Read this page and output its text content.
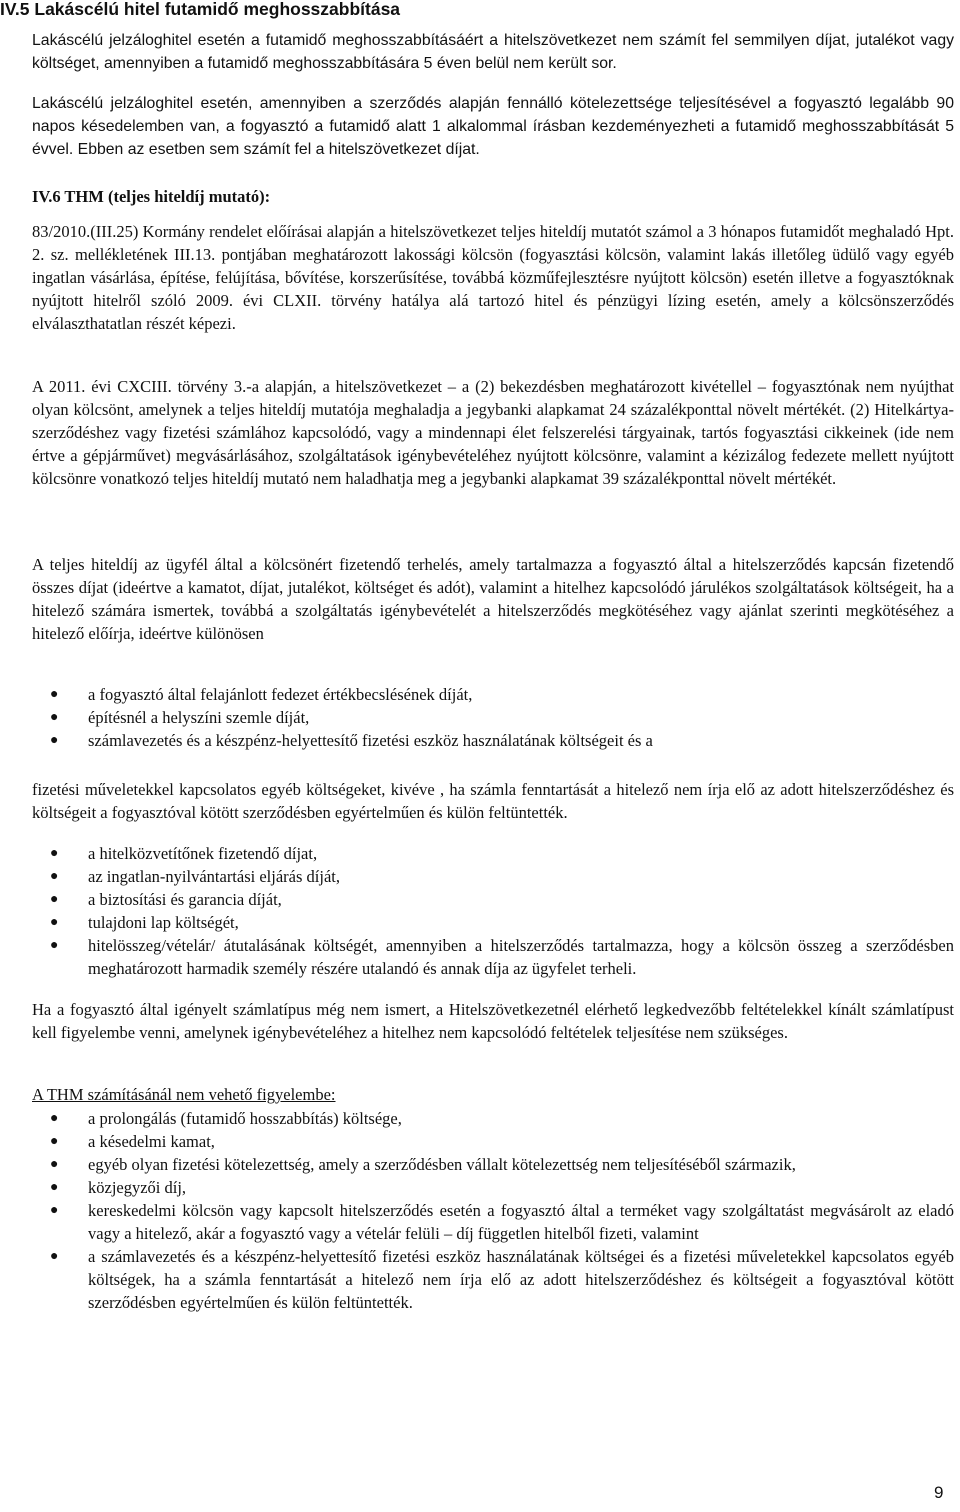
IV.5 Lakáscélú hitel futamidő meghosszabbítása

Lakáscélú jelzáloghitel esetén a futamidő meghosszabbításáért a hitelszövetkezet nem számít fel semmilyen díjat, jutalékot vagy költséget, amennyiben a futamidő meghosszabbítására 5 éven belül nem került sor.

Lakáscélú jelzáloghitel esetén, amennyiben a szerződés alapján fennálló kötelezettsége teljesítésével a fogyasztó legalább 90 napos késedelemben van, a fogyasztó a futamidő alatt 1 alkalommal írásban kezdeményezheti a futamidő meghosszabbítását 5 évvel. Ebben az esetben sem számít fel a hitelszövetkezet díjat.

IV.6 THM (teljes hiteldíj mutató):

83/2010.(III.25) Kormány rendelet előírásai alapján a hitelszövetkezet teljes hiteldíj mutatót számol a 3 hónapos futamidőt meghaladó Hpt. 2. sz. mellékletének III.13. pontjában meghatározott lakossági kölcsön (fogyasztási kölcsön, valamint lakás illetőleg üdülő vagy egyéb ingatlan vásárlása, építése, felújítása, bővítése, korszerűsítése, továbbá közműfejlesztésre nyújtott kölcsön) esetén illetve a fogyasztóknak nyújtott hitelről szóló 2009. évi CLXII. törvény hatálya alá tartozó hitel és pénzügyi lízing esetén, amely a kölcsönszerződés elválaszthatatlan részét képezi.

A 2011. évi CXCIII. törvény 3.-a alapján, a hitelszövetkezet – a (2) bekezdésben meghatározott kivétellel – fogyasztónak nem nyújthat olyan kölcsönt, amelynek a teljes hiteldíj mutatója meghaladja a jegybanki alapkamat 24 százalékponttal növelt mértékét. (2) Hitelkártya-szerződéshez vagy fizetési számlához kapcsolódó, vagy a mindennapi élet felszerelési tárgyainak, tartós fogyasztási cikkeinek (ide nem értve a gépjárművet) megvásárlásához, szolgáltatások igénybevételéhez nyújtott kölcsönre, valamint a kézizálog fedezete mellett nyújtott kölcsönre vonatkozó teljes hiteldíj mutató nem haladhatja meg a jegybanki alapkamat 39 százalékponttal növelt mértékét.

A teljes hiteldíj az ügyfél által a kölcsönért fizetendő terhelés, amely tartalmazza a fogyasztó által a hitelszerződés kapcsán fizetendő összes díjat (ideértve a kamatot, díjat, jutalékot, költséget és adót), valamint a hitelhez kapcsolódó járulékos szolgáltatások költségeit, ha a hitelező számára ismertek, továbbá a szolgáltatás igénybevételét a hitelszerződés megkötéséhez vagy ajánlat szerinti megkötéséhez a hitelező előírja, ideértve különösen

● a fogyasztó által felajánlott fedezet értékbecslésének díját,
● építésnél a helyszíni szemle díját,
● számlavezetés és a készpénz-helyettesítő fizetési eszköz használatának költségeit és a

fizetési műveletekkel kapcsolatos egyéb költségeket, kivéve , ha számla fenntartását a hitelező nem írja elő az adott hitelszerződéshez és költségeit a fogyasztóval kötött szerződésben egyértelműen és külön feltüntették.

● a hitelközvetítőnek fizetendő díjat,
● az ingatlan-nyilvántartási eljárás díját,
● a biztosítási és garancia díját,
● tulajdoni lap költségét,
● hitelösszeg/vételár/ átutalásának költségét, amennyiben a hitelszerződés tartalmazza, hogy a kölcsön összeg a szerződésben meghatározott harmadik személy részére utalandó és annak díja az ügyfelet terheli.

Ha a fogyasztó által igényelt számlatípus még nem ismert, a Hitelszövetkezetnél elérhető legkedvezőbb feltételekkel kínált számlatípust kell figyelembe venni, amelynek igénybevételéhez a hitelhez nem kapcsolódó feltételek teljesítése nem szükséges.

A THM számításánál nem vehető figyelembe:

● a prolongálás (futamidő hosszabbítás) költsége,
● a késedelmi kamat,
● egyéb olyan fizetési kötelezettség, amely a szerződésben vállalt kötelezettség nem teljesítéséből származik,
● közjegyzői díj,
● kereskedelmi kölcsön vagy kapcsolt hitelszerződés esetén a fogyasztó által a terméket vagy szolgáltatást megvásárolt az eladó vagy a hitelező, akár a fogyasztó vagy a vételár felüli – díj független hitelből fizeti, valamint
● a számlavezetés és a készpénz-helyettesítő fizetési eszköz használatának költségei és a fizetési műveletekkel kapcsolatos egyéb költségek, ha a számla fenntartását a hitelező nem írja elő az adott hitelszerződéshez és költségeit a fogyasztóval kötött szerződésben egyértelműen és külön feltüntették.
9
